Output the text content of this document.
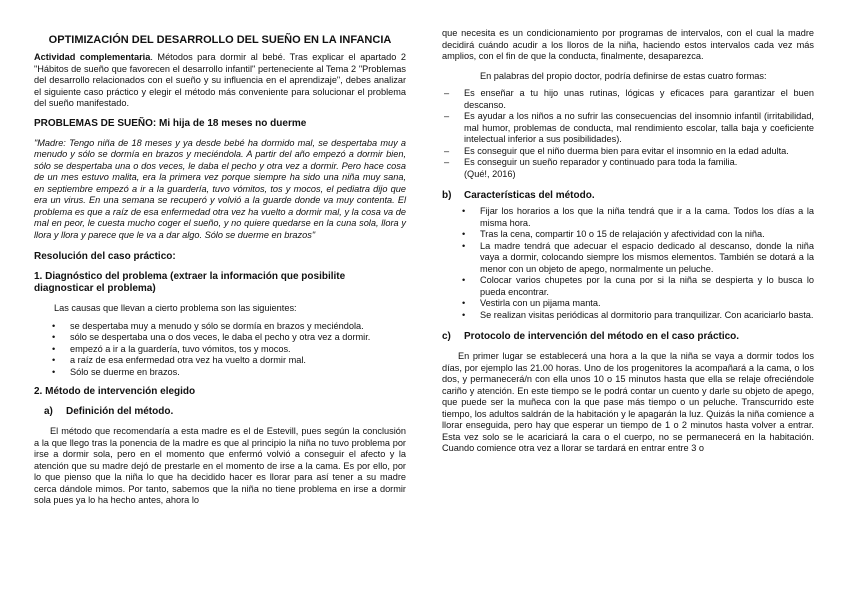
OPTIMIZACIÓN DEL DESARROLLO DEL SUEÑO EN LA INFANCIA

Actividad complementaria. Métodos para dormir al bebé. Tras explicar el apartado 2 "Hábitos de sueño que favorecen el desarrollo infantil" perteneciente al Tema 2 "Problemas del desarrollo relacionados con el sueño y su influencia en el aprendizaje", debes analizar el siguiente caso práctico y elegir el método más conveniente para solucionar el problema del sueño manifestado.

PROBLEMAS DE SUEÑO: Mi hija de 18 meses no duerme

"Madre: Tengo niña de 18 meses y ya desde bebé ha dormido mal, se despertaba muy a menudo y sólo se dormía en brazos y meciéndola. A partir del año empezó a dormir bien, sólo se despertaba una o dos veces, le daba el pecho y otra vez a dormir. Pero hace cosa de un mes estuvo malita, era la primera vez porque siempre ha sido una niña muy sana, en septiembre empezó a ir a la guardería, tuvo vómitos, tos y mocos, el pediatra dijo que era un virus. En una semana se recuperó y volvió a la guarde donde va muy contenta. El problema es que a raíz de esa enfermedad otra vez ha vuelto a dormir mal, y la cosa va de mal en peor, le cuesta mucho coger el sueño, y no quiere quedarse en la cuna sola, llora y llora y llora y parece que le va a dar algo. Sólo se duerme en brazos"

Resolución del caso práctico:

1. Diagnóstico del problema (extraer la información que posibilite diagnosticar el problema)

Las causas que llevan a cierto problema son las siguientes:

• se despertaba muy a menudo y sólo se dormía en brazos y meciéndola.
• sólo se despertaba una o dos veces, le daba el pecho y otra vez a dormir.
• empezó a ir a la guardería, tuvo vómitos, tos y mocos.
• a raíz de esa enfermedad otra vez ha vuelto a dormir mal.
• Sólo se duerme en brazos.

2. Método de intervención elegido

a) Definición del método.

El método que recomendaría a esta madre es el de Estevill, pues según la conclusión a la que llego tras la ponencia de la madre es que al principio la niña no tuvo problema por irse a dormir sola, pero en el momento que enfermó volvió a conseguir el afecto y la atención que su madre dejó de prestarle en el momento de irse a la cama. Es por ello, por lo que pienso que la niña lo que ha decidido hacer es llorar para así tener a su madre cerca dándole mimos. Por tanto, sabemos que la niña no tiene problema en irse a dormir sola pues ya lo ha hecho antes, ahora lo

que necesita es un condicionamiento por programas de intervalos, con el cual la madre decidirá cuándo acudir a los lloros de la niña, haciendo estos intervalos cada vez más amplios, con el fin de que la conducta, finalmente, desaparezca.

En palabras del propio doctor, podría definirse de estas cuatro formas:

– Es enseñar a tu hijo unas rutinas, lógicas y eficaces para garantizar el buen descanso.
– Es ayudar a los niños a no sufrir las consecuencias del insomnio infantil (irritabilidad, mal humor, problemas de conducta, mal rendimiento escolar, talla baja y coeficiente intelectual inferior a sus posibilidades).
– Es conseguir que el niño duerma bien para evitar el insomnio en la edad adulta.
– Es conseguir un sueño reparador y continuado para toda la familia.

(Qué!, 2016)

b) Características del método.

• Fijar los horarios a los que la niña tendrá que ir a la cama. Todos los días a la misma hora.
• Tras la cena, compartir 10 o 15 de relajación y afectividad con la niña.
• La madre tendrá que adecuar el espacio dedicado al descanso, donde la niña vaya a dormir, colocando siempre los mismos elementos. También se dotará a la menor con un objeto de apego, normalmente un peluche.
• Colocar varios chupetes por la cuna por si la niña se despierta y lo busca lo pueda encontrar.
• Vestirla con un pijama manta.
• Se realizan visitas periódicas al dormitorio para tranquilizar. Con acariciarlo basta.

c) Protocolo de intervención del método en el caso práctico.

En primer lugar se establecerá una hora a la que la niña se vaya a dormir todos los días, por ejemplo las 21.00 horas. Uno de los progenitores la acompañará a la cama, o los dos, y permanecerá/n con ella unos 10 o 15 minutos hasta que ella se relaje ofreciéndole cariño y atención. En este tiempo se le podrá contar un cuento y darle su objeto de apego, que puede ser la muñeca con la que pase más tiempo o un peluche. Transcurrido este tiempo, los adultos saldrán de la habitación y le apagarán la luz. Quizás la niña comience a llorar enseguida, pero hay que esperar un tiempo de 1 o 2 minutos hasta volver a entrar. Esta vez solo se le acariciará la cara o el cuerpo, no se permanecerá en la habitación. Cuando comience otra vez a llorar se tardará en entrar entre 3 o
